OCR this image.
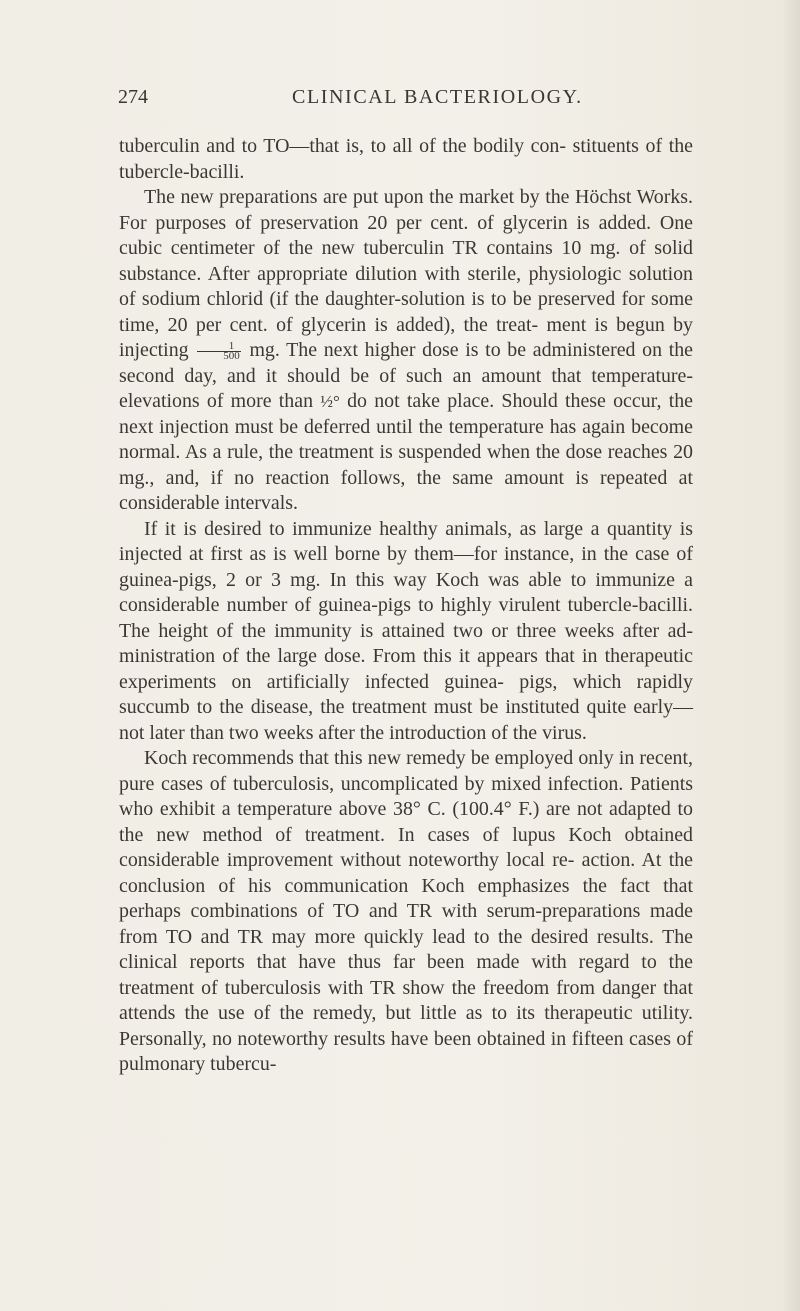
274	CLINICAL BACTERIOLOGY.

tuberculin and to TO—that is, to all of the bodily con- stituents of the tubercle-bacilli.

The new preparations are put upon the market by the Höchst Works. For purposes of preservation 20 per cent. of glycerin is added. One cubic centimeter of the new tuberculin TR contains 10 mg. of solid substance. After appropriate dilution with sterile, physiologic solution of sodium chlorid (if the daughter-solution is to be preserved for some time, 20 per cent. of glycerin is added), the treat- ment is begun by injecting $\frac{1}{500}$ mg. The next higher dose is to be administered on the second day, and it should be of such an amount that temperature-elevations of more than ½° do not take place. Should these occur, the next injection must be deferred until the temperature has again become normal. As a rule, the treatment is suspended when the dose reaches 20 mg., and, if no reaction follows, the same amount is repeated at considerable intervals.

If it is desired to immunize healthy animals, as large a quantity is injected at first as is well borne by them—for instance, in the case of guinea-pigs, 2 or 3 mg. In this way Koch was able to immunize a considerable number of guinea-pigs to highly virulent tubercle-bacilli. The height of the immunity is attained two or three weeks after ad- ministration of the large dose. From this it appears that in therapeutic experiments on artificially infected guinea- pigs, which rapidly succumb to the disease, the treatment must be instituted quite early—not later than two weeks after the introduction of the virus.

Koch recommends that this new remedy be employed only in recent, pure cases of tuberculosis, uncomplicated by mixed infection. Patients who exhibit a temperature above 38° C. (100.4° F.) are not adapted to the new method of treatment. In cases of lupus Koch obtained considerable improvement without noteworthy local re- action. At the conclusion of his communication Koch emphasizes the fact that perhaps combinations of TO and TR with serum-preparations made from TO and TR may more quickly lead to the desired results. The clinical reports that have thus far been made with regard to the treatment of tuberculosis with TR show the freedom from danger that attends the use of the remedy, but little as to its therapeutic utility. Personally, no noteworthy results have been obtained in fifteen cases of pulmonary tubercu-
